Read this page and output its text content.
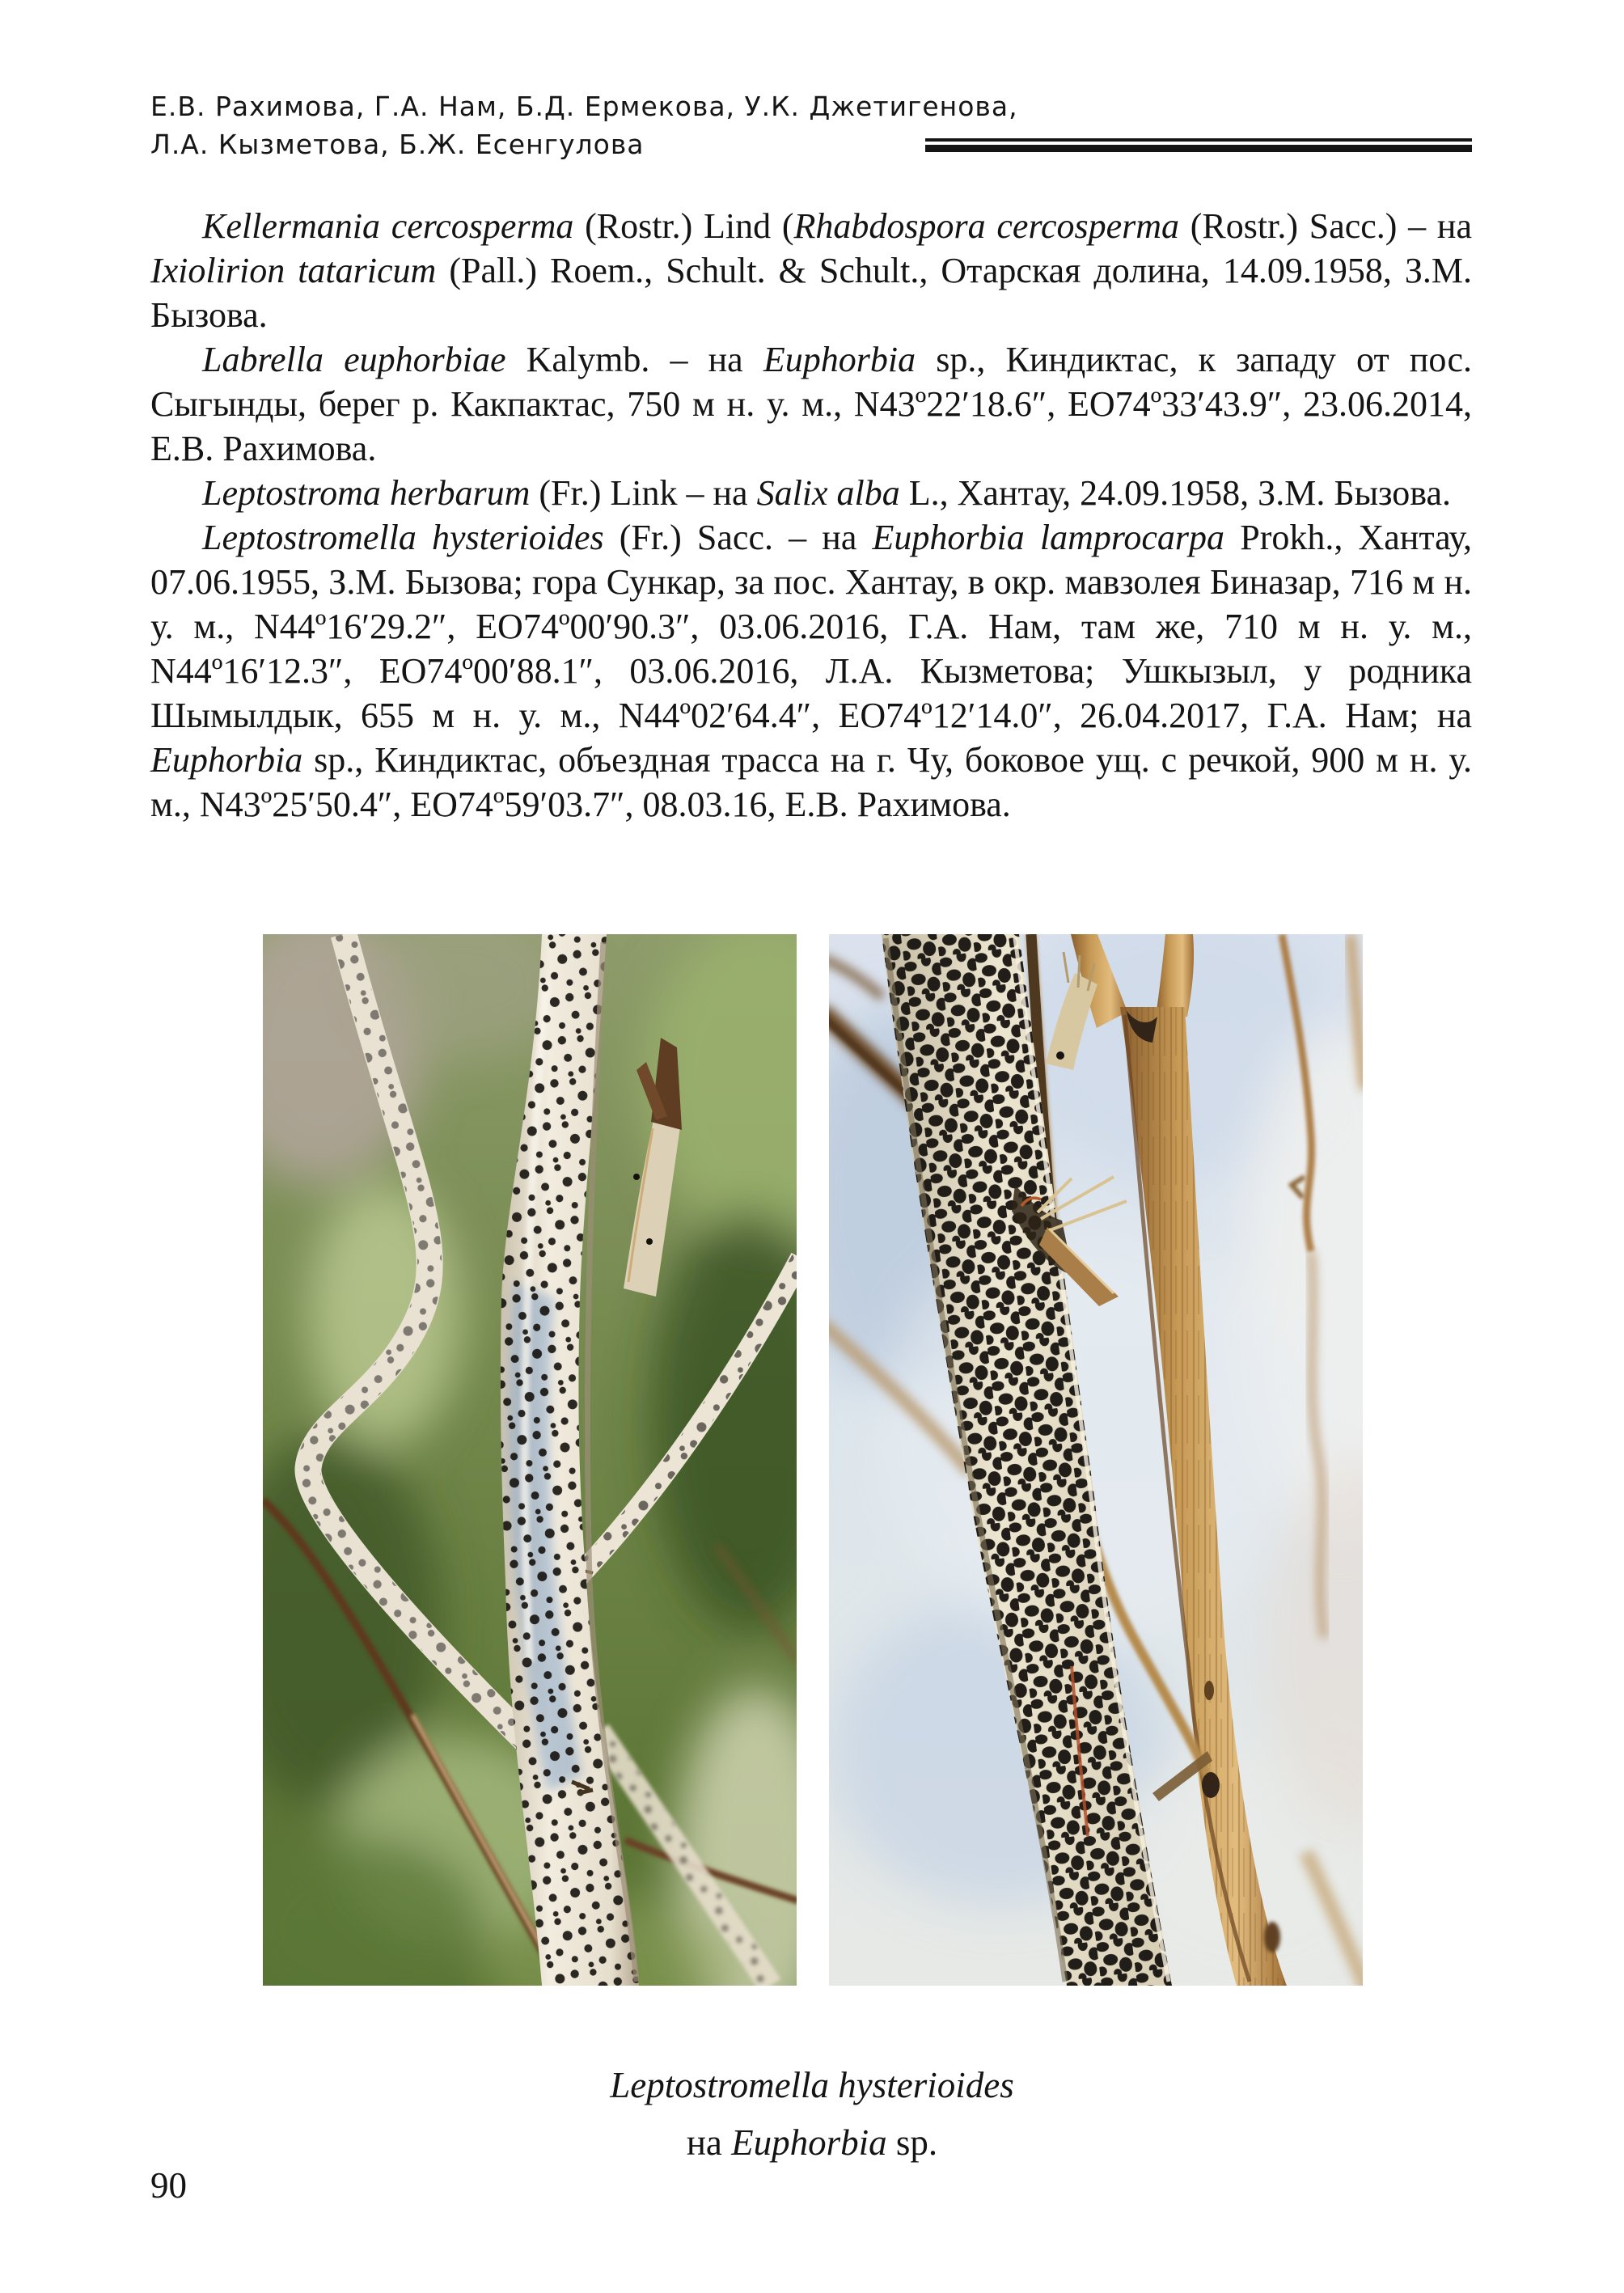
Е.В. Рахимова, Г.А. Нам, Б.Д. Ермекова, У.К. Джетигенова,
Л.А. Кызметова, Б.Ж. Есенгулова

Kellermania cercosperma (Rostr.) Lind (Rhabdospora cercosperma (Rostr.) Sacc.) – на Ixiolirion tataricum (Pall.) Roem., Schult. & Schult., Отарская долина, 14.09.1958, З.М. Бызова.

Labrella euphorbiae Kalymb. – на Euphorbia sp., Киндиктас, к западу от пос. Сыгынды, берег р. Какпактас, 750 м н. у. м., N43º22′18.6″, ЕО74º33′43.9″, 23.06.2014, Е.В. Рахимова.

Leptostroma herbarum (Fr.) Link – на Salix alba L., Хантау, 24.09.1958, З.М. Бызова.

Leptostromella hysterioides (Fr.) Sacc. – на Euphorbia lamprocarpa Prokh., Хантау, 07.06.1955, З.М. Бызова; гора Сункар, за пос. Хантау, в окр. мавзолея Биназар, 716 м н. у. м., N44º16′29.2″, ЕО74º00′90.3″, 03.06.2016, Г.А. Нам, там же, 710 м н. у. м., N44º16′12.3″, ЕО74º00′88.1″, 03.06.2016, Л.А. Кызметова; Ушкызыл, у родника Шымылдык, 655 м н. у. м., N44º02′64.4″, ЕО74º12′14.0″, 26.04.2017, Г.А. Нам; на Euphorbia sp., Киндиктас, объездная трасса на г. Чу, боковое ущ. с речкой, 900 м н. у. м., N43º25′50.4″, ЕО74º59′03.7″, 08.03.16, Е.В. Рахимова.

Leptostromella hysterioides
на Euphorbia sp.
90
